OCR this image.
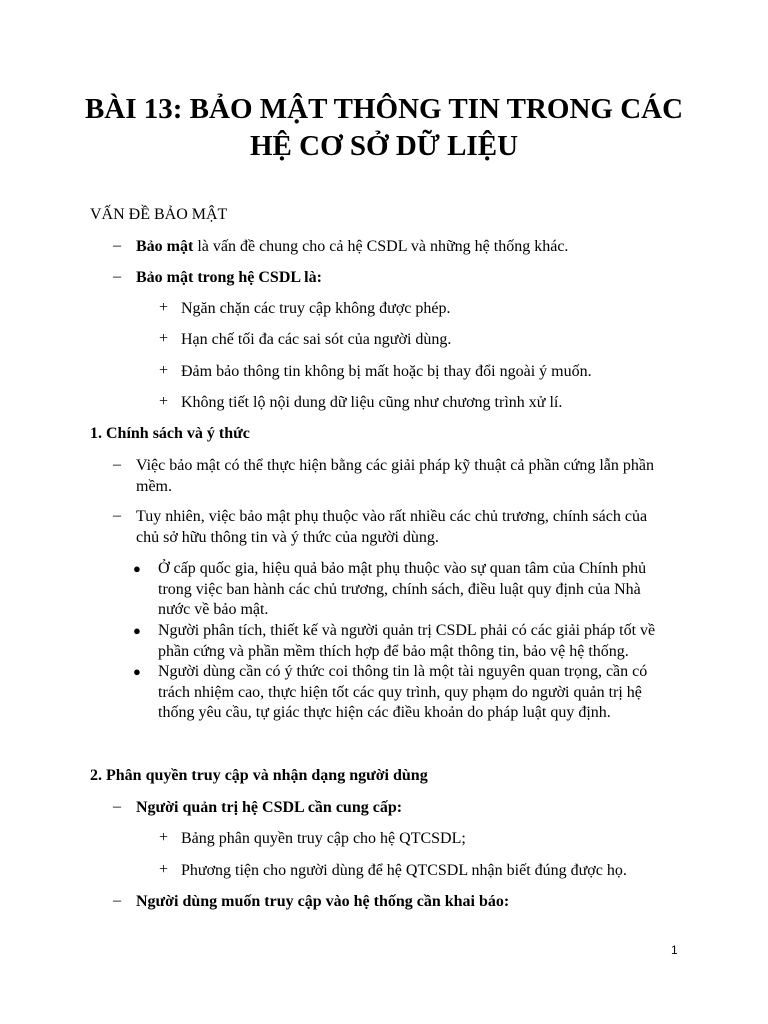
BÀI 13: BẢO MẬT THÔNG TIN TRONG CÁC
HỆ CƠ SỞ DỮ LIỆU
VẤN ĐỀ BẢO MẬT
– Bảo mật là vấn đề chung cho cả hệ CSDL và những hệ thống khác.
– Bảo mật trong hệ CSDL là:
+ Ngăn chặn các truy cập không được phép.
+ Hạn chế tối đa các sai sót của người dùng.
+ Đảm bảo thông tin không bị mất hoặc bị thay đổi ngoài ý muốn.
+ Không tiết lộ nội dung dữ liệu cũng như chương trình xử lí.
1. Chính sách và ý thức
– Việc bảo mật có thể thực hiện bằng các giải pháp kỹ thuật cả phần cứng lẫn phần
mềm.
– Tuy nhiên, việc bảo mật phụ thuộc vào rất nhiều các chủ trương, chính sách của
chủ sở hữu thông tin và ý thức của người dùng.
● Ở cấp quốc gia, hiệu quả bảo mật phụ thuộc vào sự quan tâm của Chính phủ
trong việc ban hành các chủ trương, chính sách, điều luật quy định của Nhà
nước về bảo mật.
● Người phân tích, thiết kế và người quản trị CSDL phải có các giải pháp tốt về
phần cứng và phần mềm thích hợp để bảo mật thông tin, bảo vệ hệ thống.
● Người dùng cần có ý thức coi thông tin là một tài nguyên quan trọng, cần có
trách nhiệm cao, thực hiện tốt các quy trình, quy phạm do người quản trị hệ
thống yêu cầu, tự giác thực hiện các điều khoản do pháp luật quy định.
2. Phân quyền truy cập và nhận dạng người dùng
– Người quản trị hệ CSDL cần cung cấp:
+ Bảng phân quyền truy cập cho hệ QTCSDL;
+ Phương tiện cho người dùng để hệ QTCSDL nhận biết đúng được họ.
– Người dùng muốn truy cập vào hệ thống cần khai báo:
1
